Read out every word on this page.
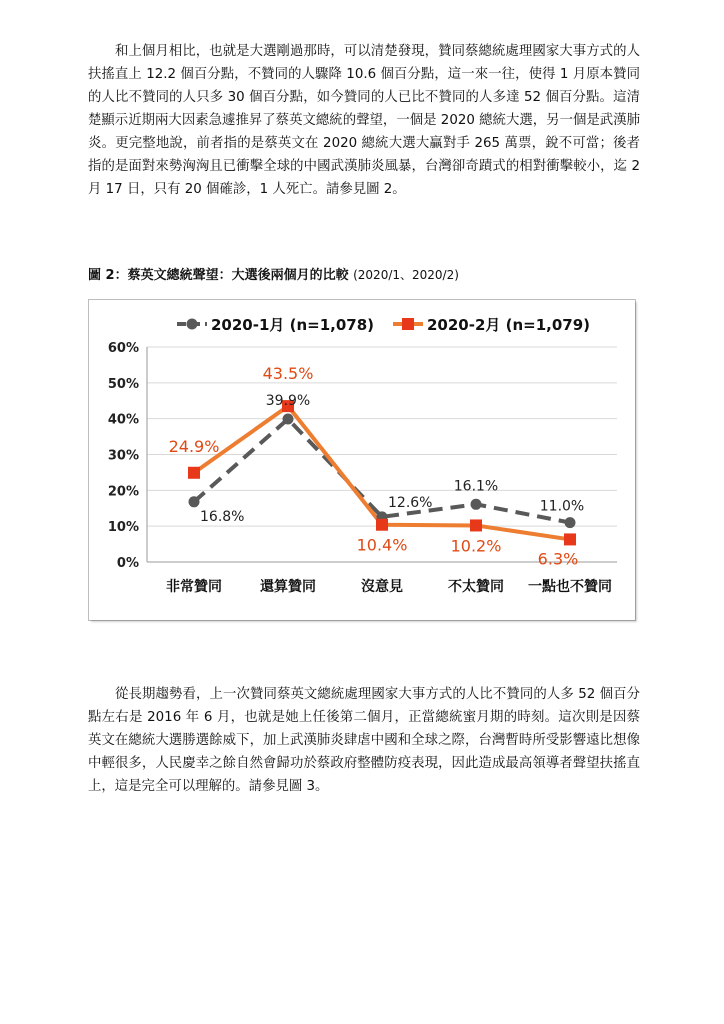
和上個月相比，也就是大選剛過那時，可以清楚發現，贊同蔡總統處理國家大事方式的人扶搖直上 12.2 個百分點，不贊同的人驟降 10.6 個百分點，這一來一往，使得 1 月原本贊同的人比不贊同的人只多 30 個百分點，如今贊同的人已比不贊同的人多達 52 個百分點。這清楚顯示近期兩大因素急遽推昇了蔡英文總統的聲望，一個是 2020 總統大選，另一個是武漢肺炎。更完整地說，前者指的是蔡英文在 2020 總統大選大贏對手 265 萬票，銳不可當；後者指的是面對來勢洶洶且已衝擊全球的中國武漢肺炎風暴，台灣卻奇蹟式的相對衝擊較小，迄 2 月 17 日，只有 20 個確診，1 人死亡。請參見圖 2。

圖 2：蔡英文總統聲望：大選後兩個月的比較 (2020/1、2020/2)

0%
10%
20%
30%
40%
50%
60%
非常贊同	還算贊同	沒意見	不太贊同 一點也不贊同
16.8%
39.9%
12.6%
16.1%
11.0%
24.9%
43.5%
10.4%	10.2%
6.3%
2020-1月 (n=1,078)	2020-2月 (n=1,079)

從長期趨勢看，上一次贊同蔡英文總統處理國家大事方式的人比不贊同的人多 52 個百分點左右是 2016 年 6 月，也就是她上任後第二個月，正當總統蜜月期的時刻。這次則是因蔡英文在總統大選勝選餘威下，加上武漢肺炎肆虐中國和全球之際，台灣暫時所受影響遠比想像中輕很多，人民慶幸之餘自然會歸功於蔡政府整體防疫表現，因此造成最高領導者聲望扶搖直上，這是完全可以理解的。請參見圖 3。
